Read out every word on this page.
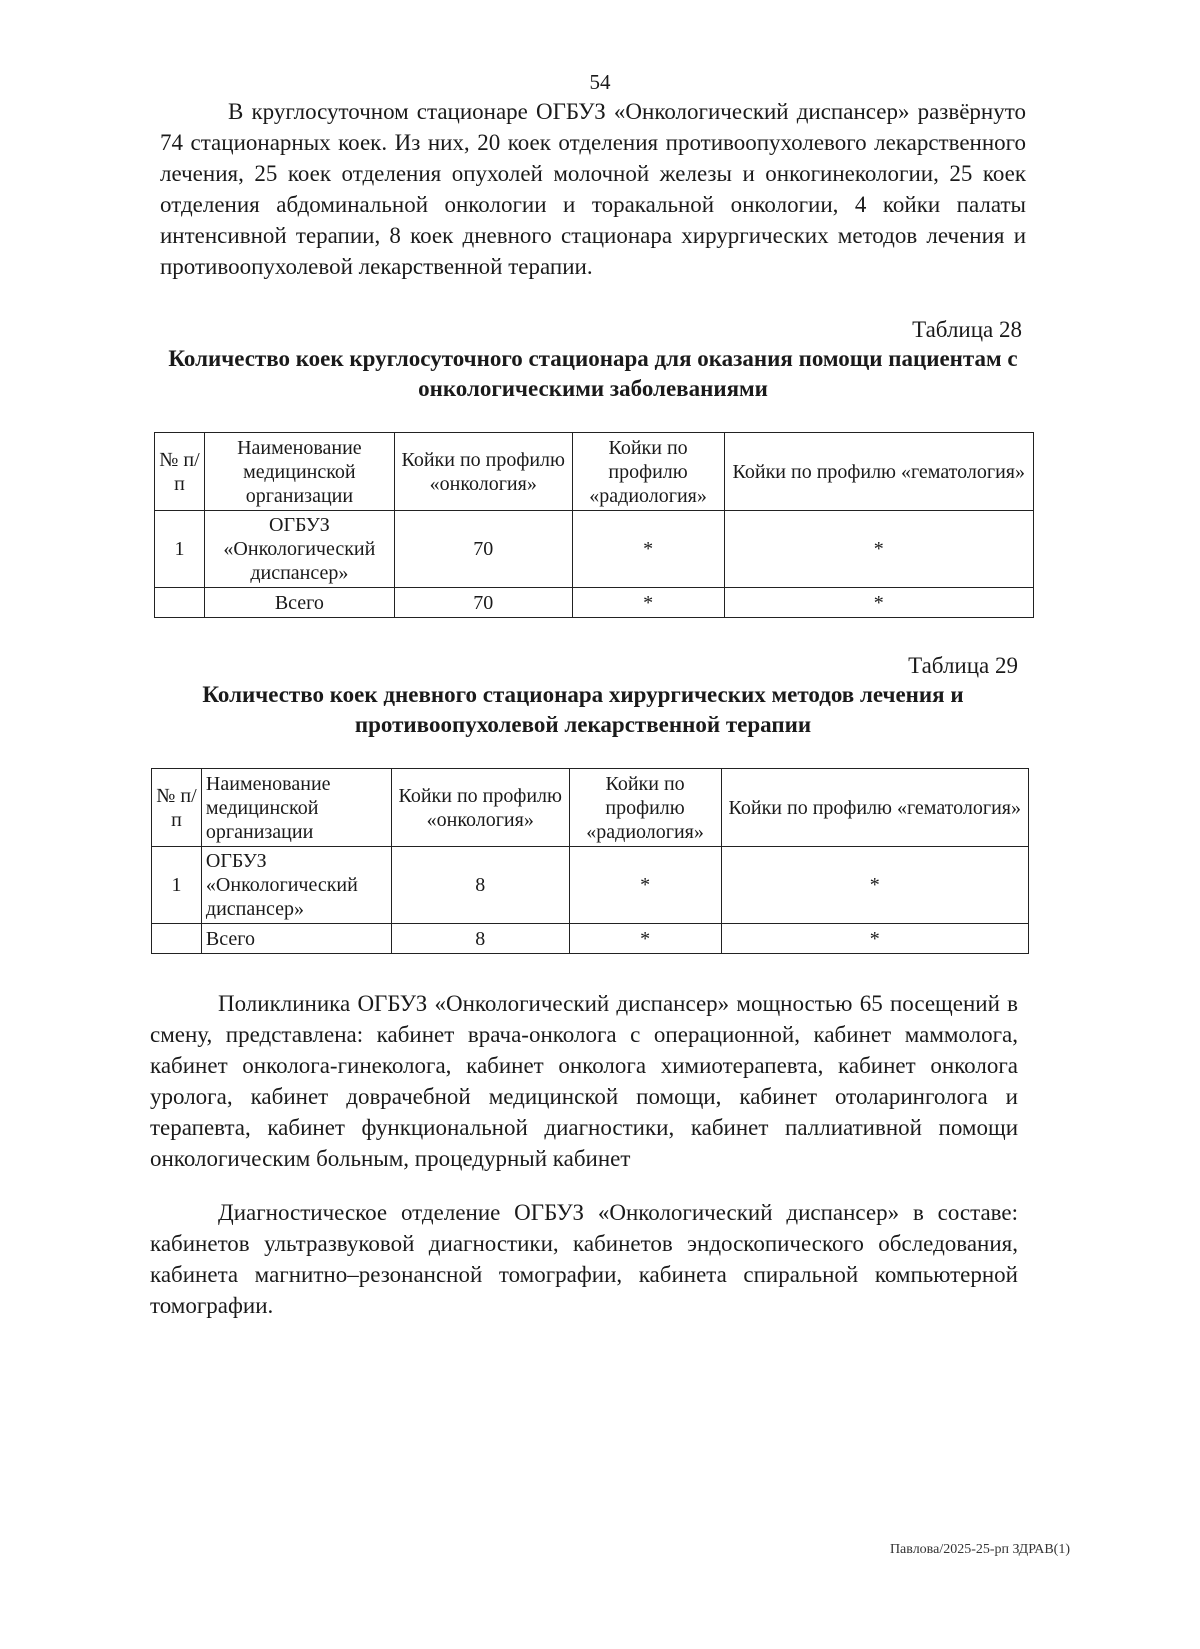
54

В круглосуточном стационаре ОГБУЗ «Онкологический диспансер» развёрнуто 74 стационарных коек. Из них, 20 коек отделения противоопухолевого лекарственного лечения, 25 коек отделения опухолей молочной железы и онкогинекологии, 25 коек отделения абдоминальной онкологии и торакальной онкологии, 4 койки палаты интенсивной терапии, 8 коек дневного стационара хирургических методов лечения и противоопухолевой лекарственной терапии.

Таблица 28
Количество коек круглосуточного стационара для оказания помощи пациентам с онкологическими заболеваниями
№ п/п	Наименование медицинской организации	Койки по профилю «онкология»	Койки по профилю «радиология»	Койки по профилю «гематология»
1	ОГБУЗ «Онкологический диспансер»	70	*	*
	Всего	70	*	*
Таблица 29
Количество коек дневного стационара хирургических методов лечения и противоопухолевой лекарственной терапии
№ п/п	Наименование медицинской организации	Койки по профилю «онкология»	Койки по профилю «радиология»	Койки по профилю «гематология»
1	ОГБУЗ «Онкологический диспансер»	8	*	*
	Всего	8	*	*

Поликлиника ОГБУЗ «Онкологический диспансер» мощностью 65 посещений в смену, представлена: кабинет врача-онколога с операционной, кабинет маммолога, кабинет онколога-гинеколога, кабинет онколога химиотерапевта, кабинет онколога уролога, кабинет доврачебной медицинской помощи, кабинет отоларинголога и терапевта, кабинет функциональной диагностики, кабинет паллиативной помощи онкологическим больным, процедурный кабинет

Диагностическое отделение ОГБУЗ «Онкологический диспансер» в составе: кабинетов ультразвуковой диагностики, кабинетов эндоскопического обследования, кабинета магнитно–резонансной томографии, кабинета спиральной компьютерной томографии.

Павлова/2025-25-рп ЗДРАВ(1)
